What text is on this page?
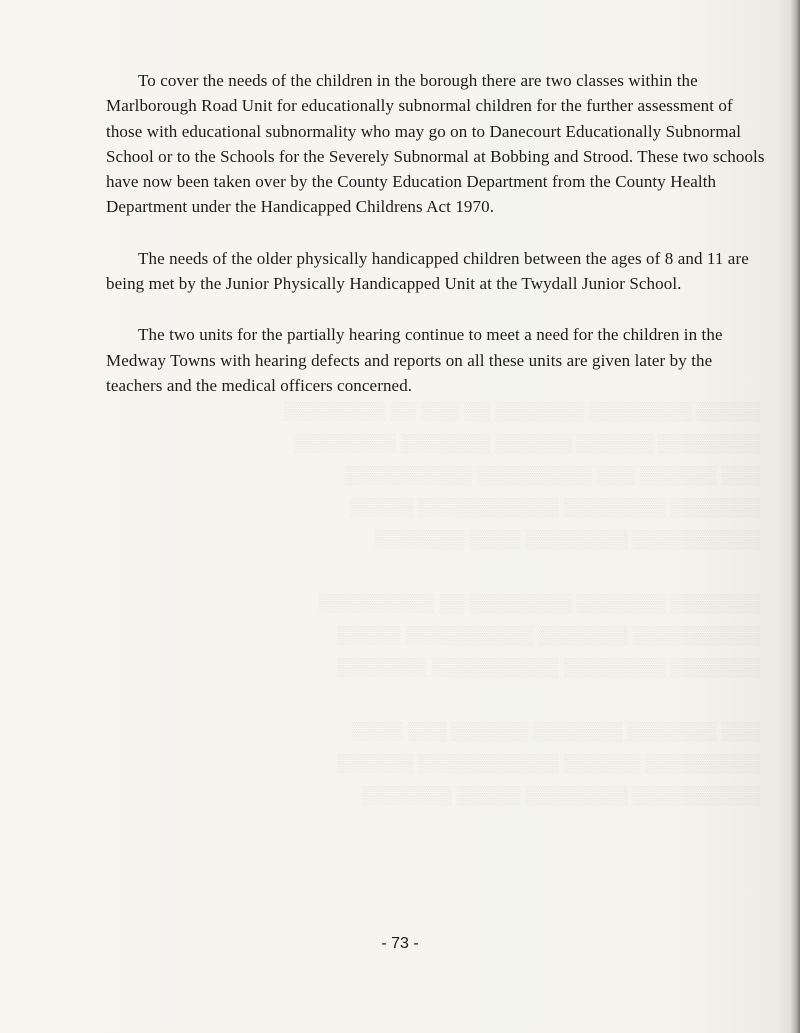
▒▒▒▒▒ ▒▒▒▒▒▒▒▒ ▒▒▒▒▒▒▒ ▒▒ ▒▒▒ ▒▒ ▒▒▒▒▒▒▒▒
▒▒▒▒▒▒▒▒ ▒▒▒▒▒▒ ▒▒▒▒▒▒ ▒▒▒▒▒▒▒ ▒▒▒▒▒▒▒▒
▒▒▒ ▒▒▒▒▒▒ ▒▒▒ ▒▒▒▒▒▒▒▒▒ ▒▒▒▒▒▒▒▒▒▒
▒▒▒▒▒▒▒ ▒▒▒▒▒▒▒▒ ▒▒▒▒▒▒▒▒▒▒▒ ▒▒▒▒▒
▒▒▒▒▒▒▒▒▒▒ ▒▒▒▒▒▒▒▒ ▒▒▒▒ ▒▒▒▒▒▒▒

▒▒▒▒▒▒▒ ▒▒▒▒▒▒▒ ▒▒▒▒▒▒▒▒ ▒▒ ▒▒▒▒▒▒▒▒▒
▒▒▒▒▒▒▒▒▒▒ ▒▒▒▒▒▒▒ ▒▒▒▒▒▒▒▒▒▒ ▒▒▒▒▒
▒▒▒▒▒▒▒ ▒▒▒▒▒▒▒▒ ▒▒▒▒▒▒▒▒▒▒ ▒▒▒▒▒▒▒

▒▒▒ ▒▒▒▒▒▒▒ ▒▒▒▒▒▒▒ ▒▒▒▒▒▒ ▒▒▒ ▒▒▒▒
▒▒▒▒▒▒▒▒▒ ▒▒▒▒▒▒ ▒▒▒▒▒▒▒▒▒▒▒ ▒▒▒▒▒▒
▒▒▒▒▒▒▒▒▒▒ ▒▒▒▒▒▒▒▒ ▒▒▒▒▒ ▒▒▒▒▒▒▒

To cover the needs of the children in the borough there are two classes within the Marlborough Road Unit for educationally subnormal children for the further assessment of those with educational subnormality who may go on to Danecourt Educationally Subnormal School or to the Schools for the Severely Subnormal at Bobbing and Strood. These two schools have now been taken over by the County Education Department from the County Health Department under the Handicapped Childrens Act 1970.

The needs of the older physically handicapped children between the ages of 8 and 11 are being met by the Junior Physically Handicapped Unit at the Twydall Junior School.

The two units for the partially hearing continue to meet a need for the children in the Medway Towns with hearing defects and reports on all these units are given later by the teachers and the medical officers concerned.

- 73 -
